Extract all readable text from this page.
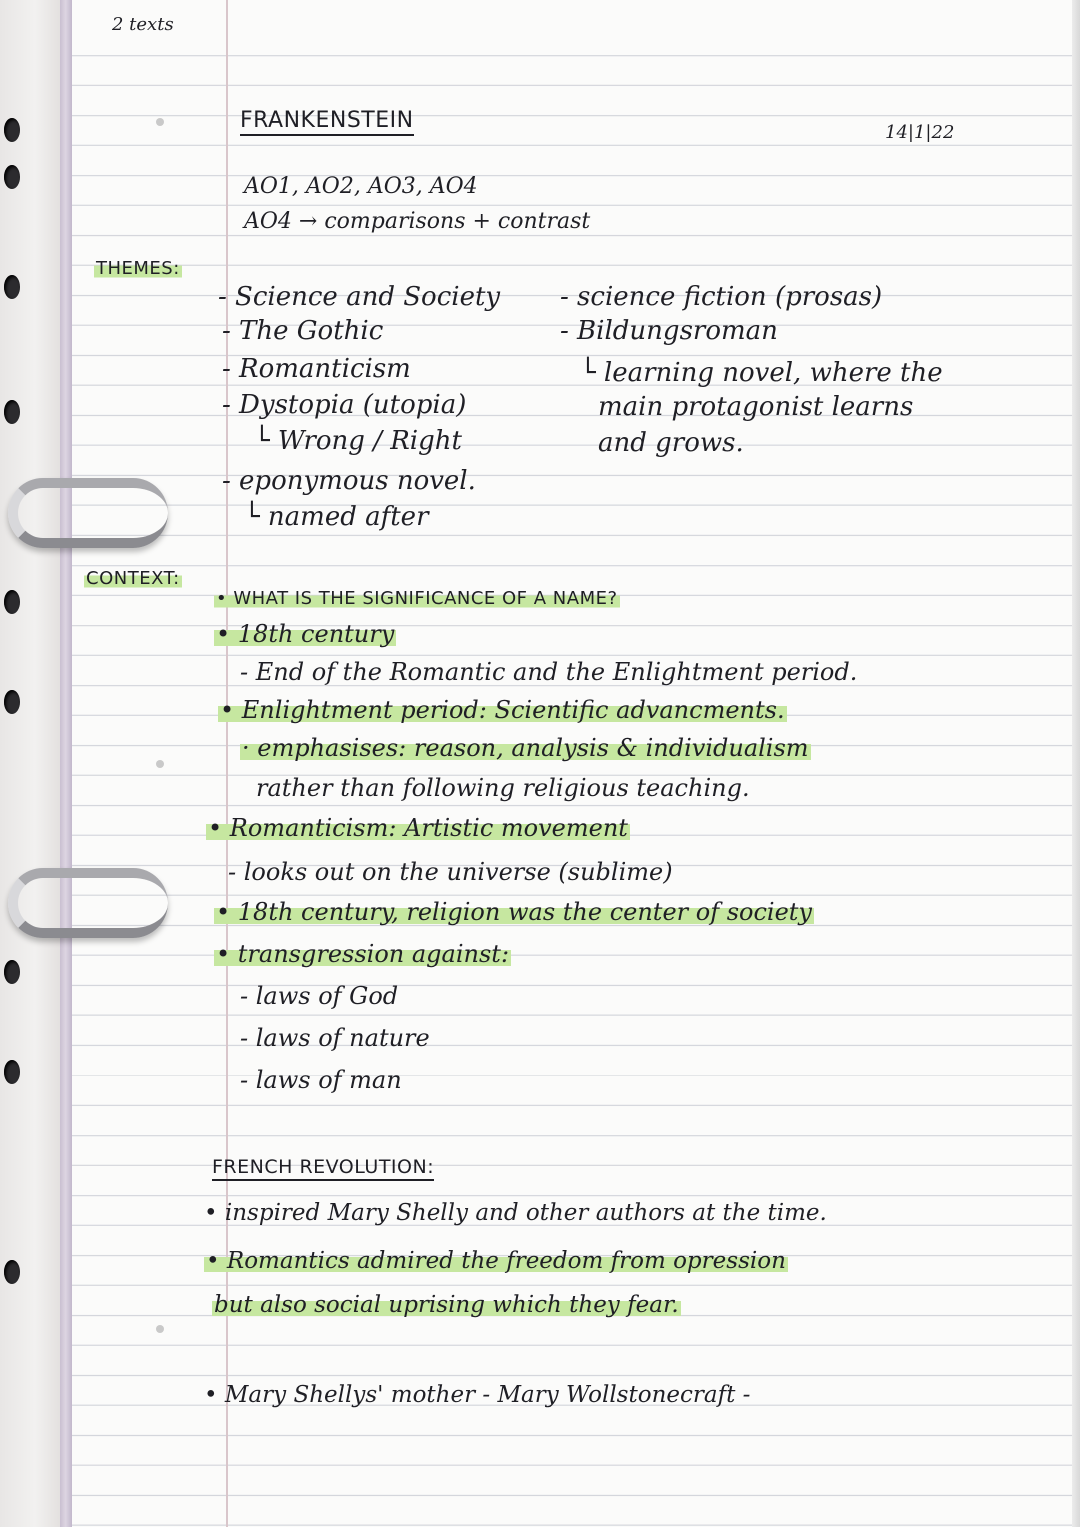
2 texts
FRANKENSTEIN	14|1|22
AO1, AO2, AO3, AO4
AO4 → comparisons + contrast
THEMES:
- Science and Society
- The Gothic
- Romanticism
- Dystopia (utopia)
└ Wrong / Right
- eponymous novel.
└ named after
- science fiction (prosas)
- Bildungsroman
└ learning novel, where the
main protagonist learns
and grows.
CONTEXT:
• WHAT IS THE SIGNIFICANCE OF A NAME?
• 18th century
- End of the Romantic and the Enlightment period.
• Enlightment period: Scientific advancments.
· emphasises: reason, analysis & individualism
rather than following religious teaching.
• Romanticism: Artistic movement
- looks out on the universe (sublime)
• 18th century, religion was the center of society
• transgression against:
- laws of God
- laws of nature
- laws of man
FRENCH REVOLUTION:
• inspired Mary Shelly and other authors at the time.
• Romantics admired the freedom from opression
but also social uprising which they fear.
• Mary Shellys' mother - Mary Wollstonecraft -
